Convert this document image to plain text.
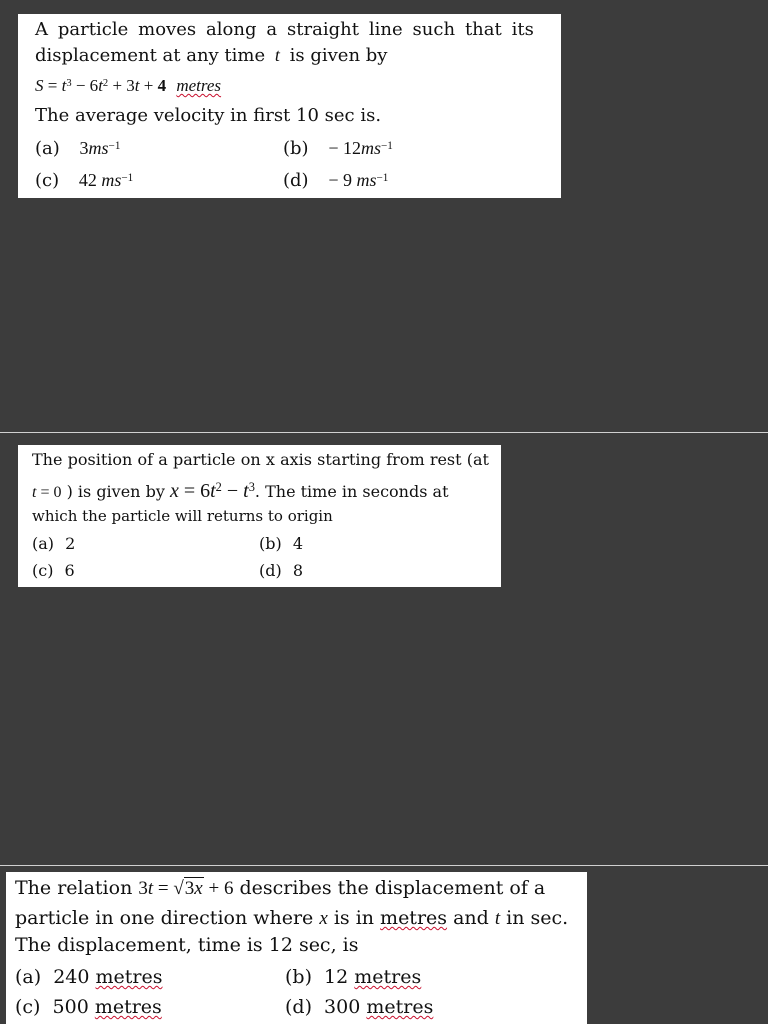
A particle moves along a straight line such that its
displacement at any time t is given by
$S = t^3 - 6t^2 + 3t + 4$ metres
The average velocity in first 10 sec is.
(a) $3ms^{-1}$	$(b) - 12ms^{-1}$
(c) 42 $ms^{-1}$	(d) − 9 $ms^{-1}$
The position of a particle on x axis starting from rest (at
t = 0 ) is given by $x = 6t^2 - t^3$. The time in seconds at
which the particle will returns to origin
(a) 2	(b) 4
(c) 6	(d) 8
The relation 3t = √3x + 6 describes the displacement of a
particle in one direction where x is in metres and t in sec.
The displacement, time is 12 sec, is
(a) 240 metres	(b) 12 metres
(c) 500 metres	(d) 300 metres
